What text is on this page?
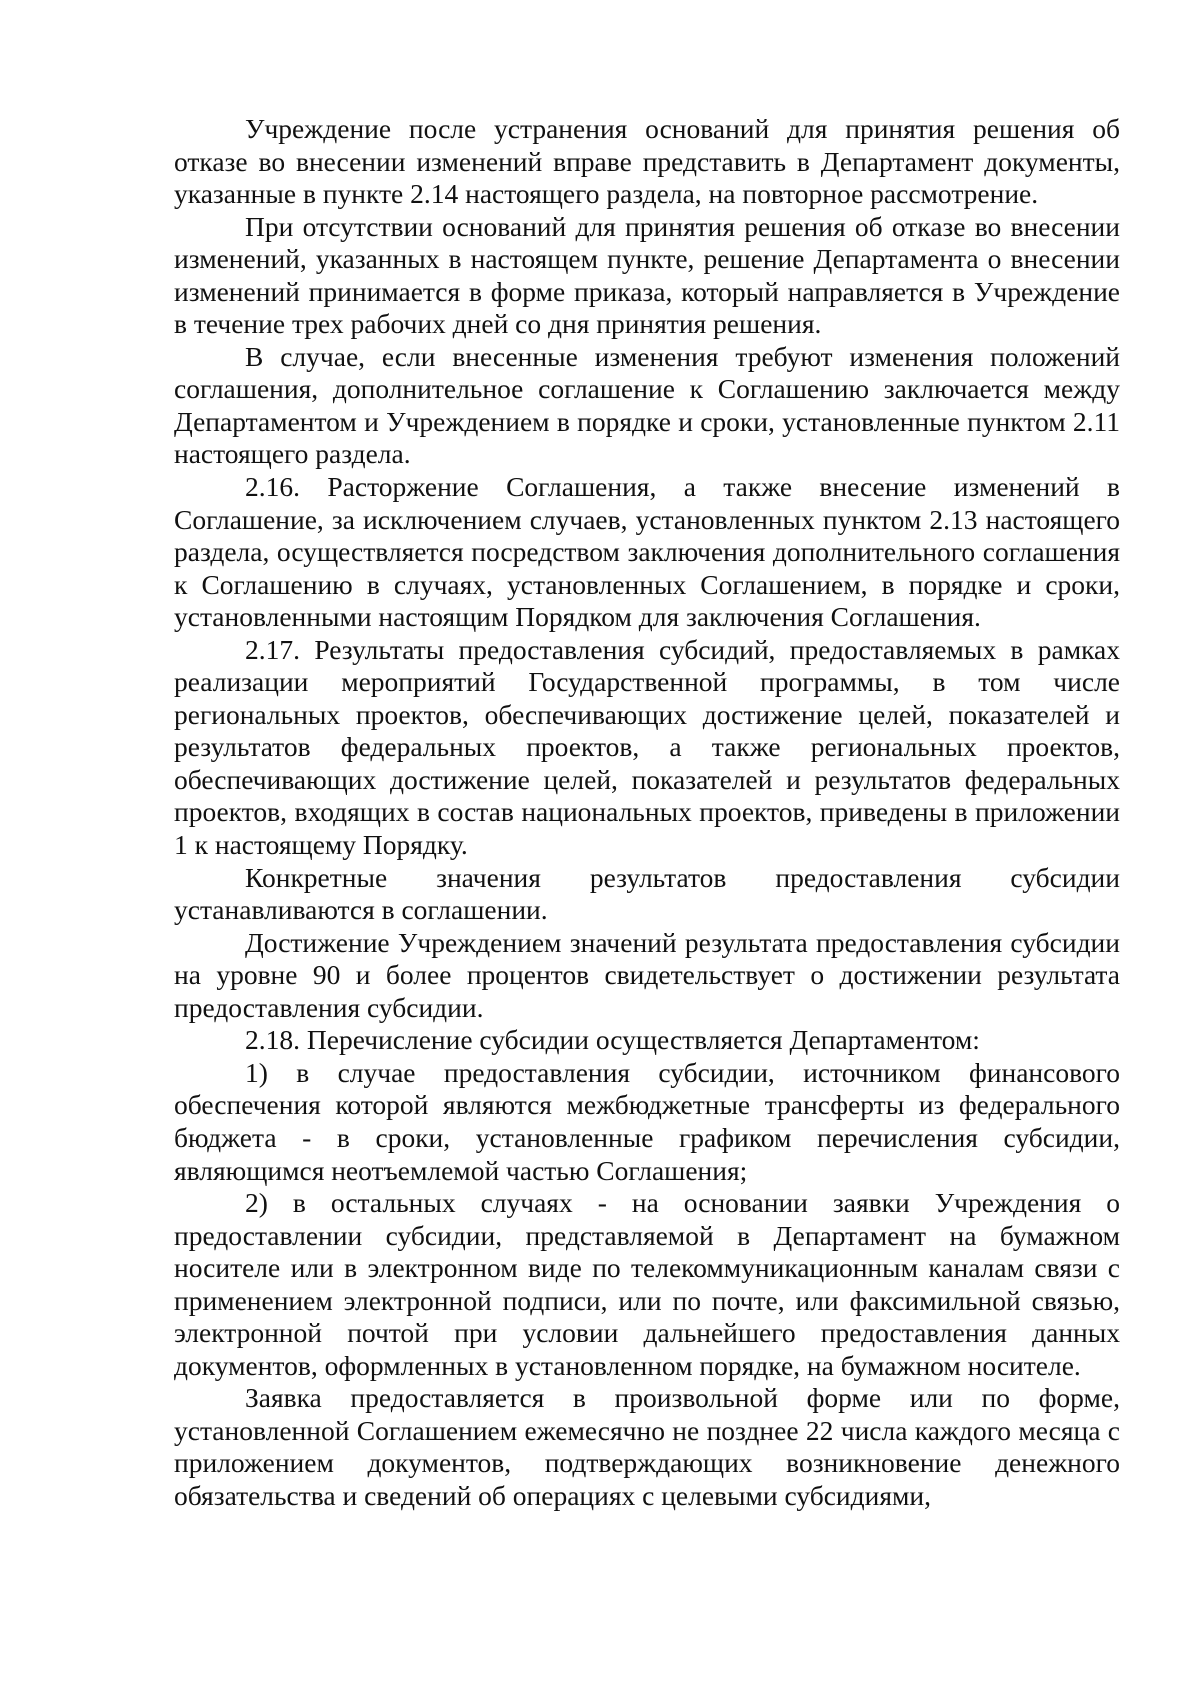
Учреждение после устранения оснований для принятия решения об отказе во внесении изменений вправе представить в Департамент документы, указанные в пункте 2.14 настоящего раздела, на повторное рассмотрение.

При отсутствии оснований для принятия решения об отказе во внесении изменений, указанных в настоящем пункте, решение Департамента о внесении изменений принимается в форме приказа, который направляется в Учреждение в течение трех рабочих дней со дня принятия решения.

В случае, если внесенные изменения требуют изменения положений соглашения, дополнительное соглашение к Соглашению заключается между Департаментом и Учреждением в порядке и сроки, установленные пунктом 2.11 настоящего раздела.

2.16. Расторжение Соглашения, а также внесение изменений в Соглашение, за исключением случаев, установленных пунктом 2.13 настоящего раздела, осуществляется посредством заключения дополнительного соглашения к Соглашению в случаях, установленных Соглашением, в порядке и сроки, установленными настоящим Порядком для заключения Соглашения.

2.17. Результаты предоставления субсидий, предоставляемых в рамках реализации мероприятий Государственной программы, в том числе региональных проектов, обеспечивающих достижение целей, показателей и результатов федеральных проектов, а также региональных проектов, обеспечивающих достижение целей, показателей и результатов федеральных проектов, входящих в состав национальных проектов, приведены в приложении 1 к настоящему Порядку.

Конкретные значения результатов предоставления субсидии устанавливаются в соглашении.

Достижение Учреждением значений результата предоставления субсидии на уровне 90 и более процентов свидетельствует о достижении результата предоставления субсидии.

2.18. Перечисление субсидии осуществляется Департаментом:

1) в случае предоставления субсидии, источником финансового обеспечения которой являются межбюджетные трансферты из федерального бюджета - в сроки, установленные графиком перечисления субсидии, являющимся неотъемлемой частью Соглашения;

2) в остальных случаях - на основании заявки Учреждения о предоставлении субсидии, представляемой в Департамент на бумажном носителе или в электронном виде по телекоммуникационным каналам связи с применением электронной подписи, или по почте, или факсимильной связью, электронной почтой при условии дальнейшего предоставления данных документов, оформленных в установленном порядке, на бумажном носителе.

Заявка предоставляется в произвольной форме или по форме, установленной Соглашением ежемесячно не позднее 22 числа каждого месяца с приложением документов, подтверждающих возникновение денежного обязательства и сведений об операциях с целевыми субсидиями,
